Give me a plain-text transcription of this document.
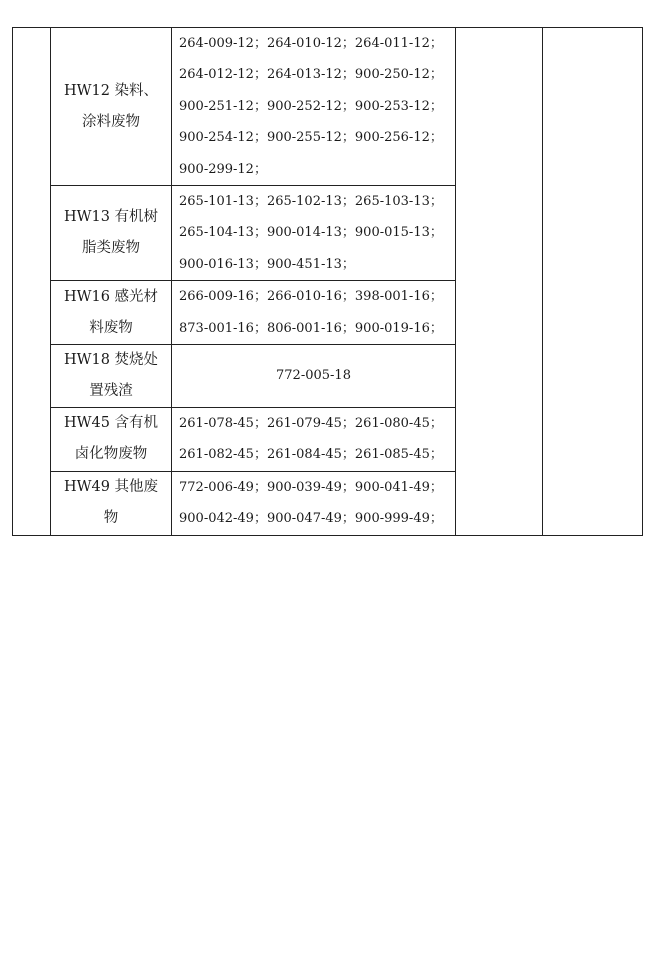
	HW12 染料、涂料废物	264-009-12；264-010-12；264-011-12；
264-012-12；264-013-12；900-250-12；
900-251-12；900-252-12；900-253-12；
900-254-12；900-255-12；900-256-12；
900-299-12；		

	HW13 有机树脂类废物	265-101-13；265-102-13；265-103-13；
265-104-13；900-014-13；900-015-13；
900-016-13；900-451-13；		

	HW16 感光材料废物	266-009-16；266-010-16；398-001-16；
873-001-16；806-001-16；900-019-16；		

	HW18 焚烧处置残渣	772-005-18		

	HW45 含有机卤化物废物	261-078-45；261-079-45；261-080-45；
261-082-45；261-084-45；261-085-45；		

	HW49 其他废物	772-006-49；900-039-49；900-041-49；
900-042-49；900-047-49；900-999-49；		
